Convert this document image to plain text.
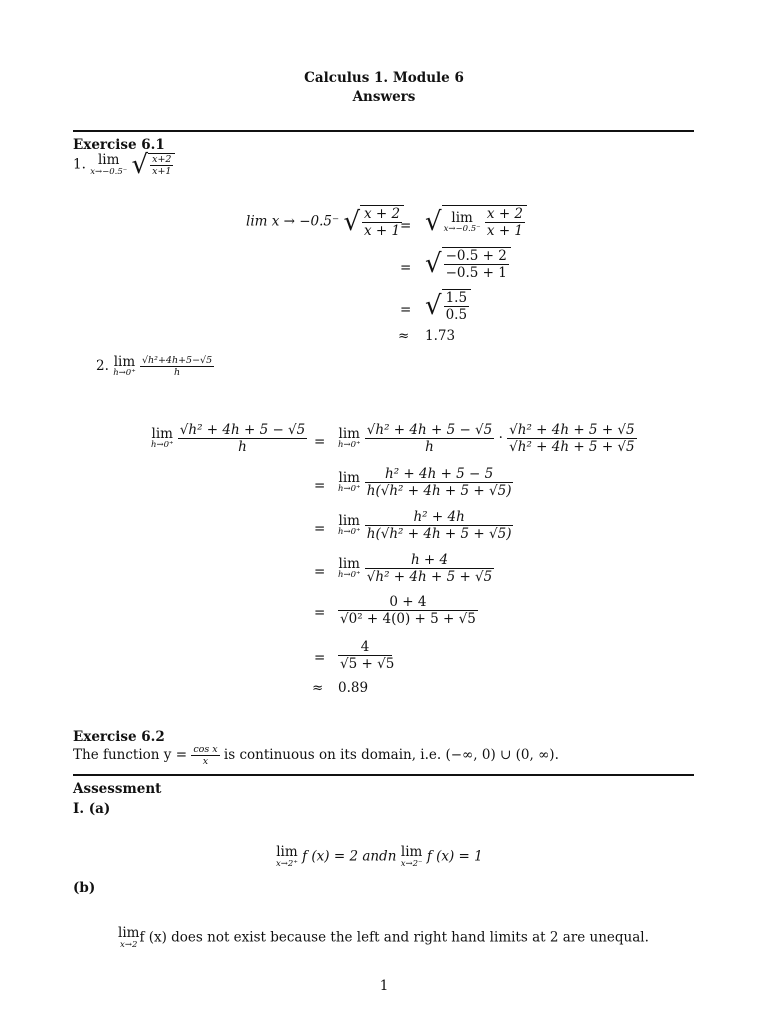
Calculus 1. Module 6
Answers
Exercise 6.1
1. lim
x→−0.5⁻ √ $\frac{x+2}{x+1}$
lim x → −0.5⁻ √ $\frac{x + 2}{x + 1}$
= √ lim
x→−0.5⁻
$\frac{x + 2}{x + 1}$
= √ $\frac{-0.5 + 2}{-0.5 + 1}$
= √ $\frac{1.5}{0.5}$
≈ 1.73
2. lim
h→0⁺
$\frac{\text{√h²+4h+5−√5}}{h}$
lim
h→0⁺
$\frac{\text{√h² + 4h + 5 − √5}}{h}$ =
lim
h→0⁺
$\frac{\text{√h² + 4h + 5 − √5}}{h} \cdot \frac{\text{√h² + 4h + 5 + √5}}{\text{√h² + 4h + 5 + √5}}$
=
lim
h→0⁺
$\frac{\text{h² + 4h + 5 − 5}}{\text{h(√h² + 4h + 5 + √5)}}$
=
lim
h→0⁺
$\frac{\text{h² + 4h}}{\text{h(√h² + 4h + 5 + √5)}}$
=
lim
h→0⁺
$\frac{h + 4}{\text{√h² + 4h + 5 + √5}}$
= $\frac{0 + 4}{\text{√0² + 4(0) + 5 + √5}}$
= $\frac{4}{√5 + √5}$
≈ 0.89
Exercise 6.2
The function $y = \frac{\text{cos x}}{x}$ is continuous on its domain, i.e. (−∞, 0) ∪ (0, ∞).
Assessment
I. (a)
lim
x→2⁺ f (x) = 2 andn lim
x→2⁻ f (x) = 1
(b)
lim
x→2 f (x) does not exist because the left and right hand limits at 2 are unequal.
1
